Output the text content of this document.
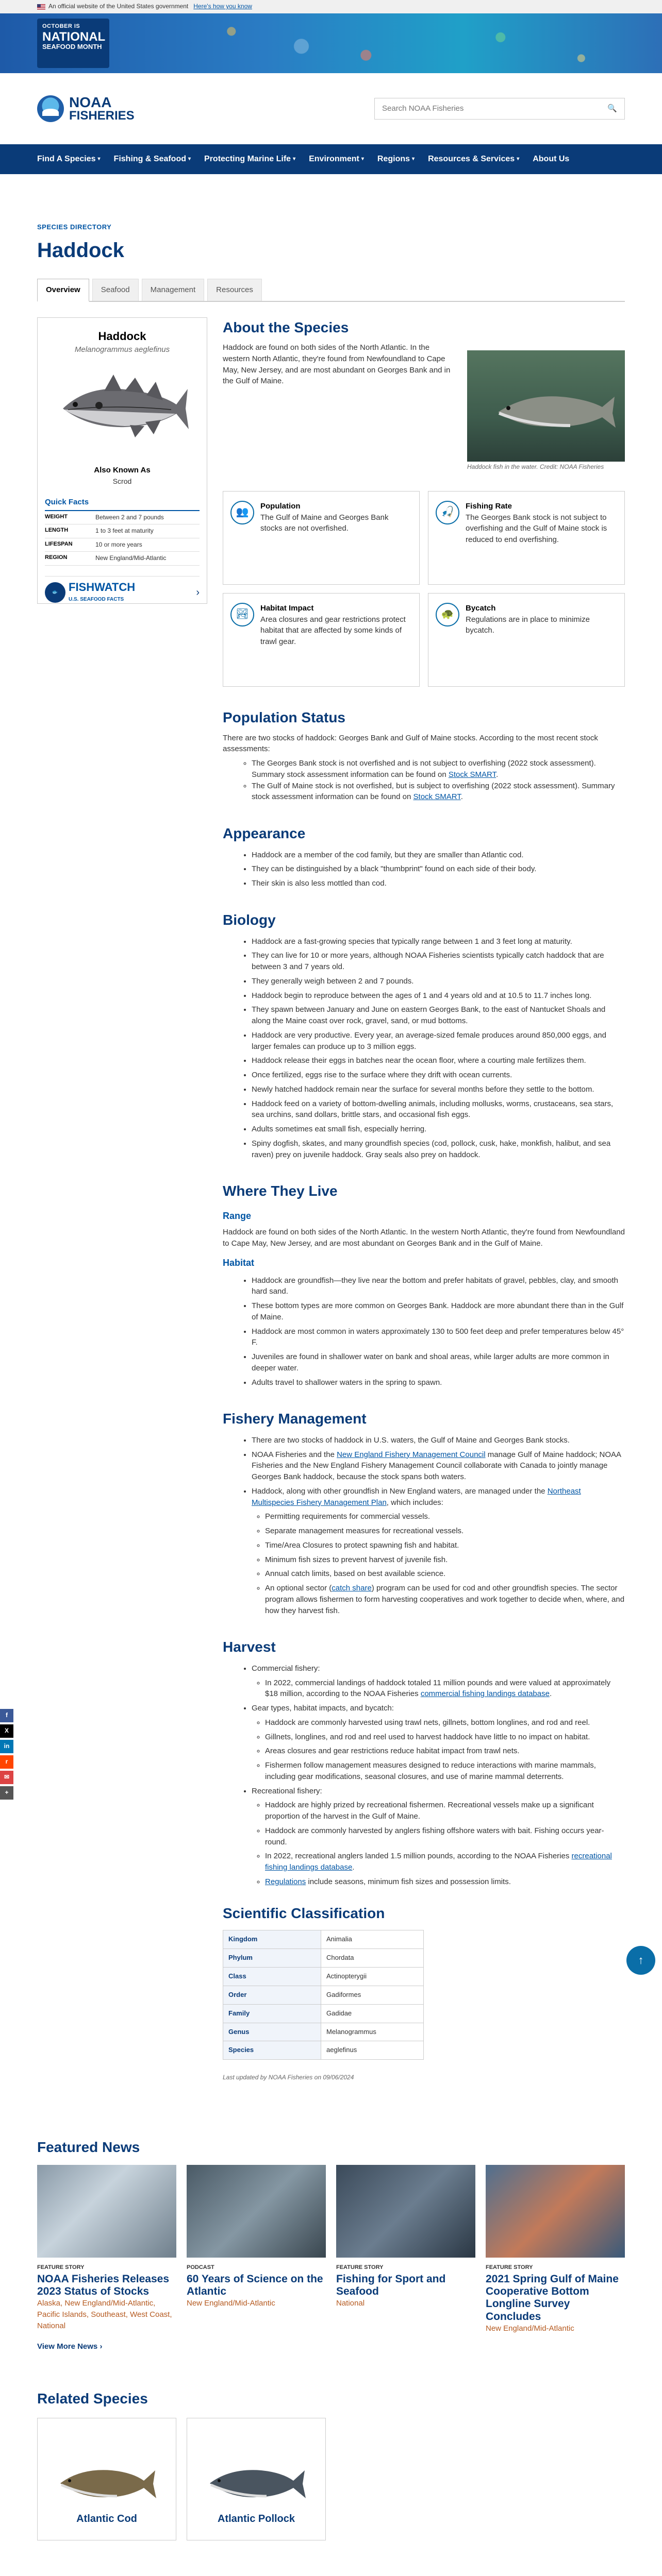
An official website of the United States government Here's how you know
OCTOBER IS
NATIONAL
SEAFOOD MONTH
NOAA
FISHERIES
Search NOAA Fisheries	🔍
Find A Species ▾ Fishing & Seafood ▾ Protecting Marine Life ▾ Environment ▾ Regions ▾ Resources & Services ▾ About Us
SPECIES DIRECTORY
Haddock
Overview	Seafood	Management	Resources
Haddock
Melanogrammus aeglefinus
Also Known As
Scrod
Quick Facts
WEIGHT	Between 2 and 7 pounds
LENGTH	1 to 3 feet at maturity
LIFESPAN	10 or more years
REGION	New England/Mid-Atlantic
🐟 FISHWATCH
U.S. SEAFOOD FACTS
›
About the Species

Haddock are found on both sides of the North Atlantic. In the western North Atlantic, they're found from Newfoundland to Cape May, New Jersey, and are most abundant on Georges Bank and in the Gulf of Maine.

Haddock fish in the water. Credit: NOAA Fisheries
👥
Population

The Gulf of Maine and Georges Bank stocks are not overfished.

🎣
Fishing Rate

The Georges Bank stock is not subject to overfishing and the Gulf of Maine stock is reduced to end overfishing.

🏞
Habitat Impact

Area closures and gear restrictions protect habitat that are affected by some kinds of trawl gear.

🐢
Bycatch

Regulations are in place to minimize bycatch.

Population Status

There are two stocks of haddock: Georges Bank and Gulf of Maine stocks. According to the most recent stock assessments:

◦ The Georges Bank stock is not overfished and is not subject to overfishing (2022 stock assessment). Summary stock assessment information can be found on Stock SMART.
◦ The Gulf of Maine stock is not overfished, but is subject to overfishing (2022 stock assessment). Summary stock assessment information can be found on Stock SMART.
Appearance
• Haddock are a member of the cod family, but they are smaller than Atlantic cod.
• They can be distinguished by a black "thumbprint" found on each side of their body.
• Their skin is also less mottled than cod.
Biology
• Haddock are a fast-growing species that typically range between 1 and 3 feet long at maturity.
• They can live for 10 or more years, although NOAA Fisheries scientists typically catch haddock that are between 3 and 7 years old.
• They generally weigh between 2 and 7 pounds.
• Haddock begin to reproduce between the ages of 1 and 4 years old and at 10.5 to 11.7 inches long.
• They spawn between January and June on eastern Georges Bank, to the east of Nantucket Shoals and along the Maine coast over rock, gravel, sand, or mud bottoms.
• Haddock are very productive. Every year, an average-sized female produces around 850,000 eggs, and larger females can produce up to 3 million eggs.
• Haddock release their eggs in batches near the ocean floor, where a courting male fertilizes them.
• Once fertilized, eggs rise to the surface where they drift with ocean currents.
• Newly hatched haddock remain near the surface for several months before they settle to the bottom.
• Haddock feed on a variety of bottom-dwelling animals, including mollusks, worms, crustaceans, sea stars, sea urchins, sand dollars, brittle stars, and occasional fish eggs.
• Adults sometimes eat small fish, especially herring.
• Spiny dogfish, skates, and many groundfish species (cod, pollock, cusk, hake, monkfish, halibut, and sea raven) prey on juvenile haddock. Gray seals also prey on haddock.
Where They Live
Range

Haddock are found on both sides of the North Atlantic. In the western North Atlantic, they're found from Newfoundland to Cape May, New Jersey, and are most abundant on Georges Bank and in the Gulf of Maine.

Habitat
• Haddock are groundfish—they live near the bottom and prefer habitats of gravel, pebbles, clay, and smooth hard sand.
• These bottom types are more common on Georges Bank. Haddock are more abundant there than in the Gulf of Maine.
• Haddock are most common in waters approximately 130 to 500 feet deep and prefer temperatures below 45° F.
• Juveniles are found in shallower water on bank and shoal areas, while larger adults are more common in deeper water.
• Adults travel to shallower waters in the spring to spawn.
Fishery Management
• There are two stocks of haddock in U.S. waters, the Gulf of Maine and Georges Bank stocks.
• NOAA Fisheries and the New England Fishery Management Council manage Gulf of Maine haddock; NOAA Fisheries and the New England Fishery Management Council collaborate with Canada to jointly manage Georges Bank haddock, because the stock spans both waters.
• Haddock, along with other groundfish in New England waters, are managed under the Northeast Multispecies Fishery Management Plan, which includes:
◦ Permitting requirements for commercial vessels.
◦ Separate management measures for recreational vessels.
◦ Time/Area Closures to protect spawning fish and habitat.
◦ Minimum fish sizes to prevent harvest of juvenile fish.
◦ Annual catch limits, based on best available science.
◦ An optional sector (catch share) program can be used for cod and other groundfish species. The sector program allows fishermen to form harvesting cooperatives and work together to decide when, where, and how they harvest fish.
Harvest
• Commercial fishery:
◦ In 2022, commercial landings of haddock totaled 11 million pounds and were valued at approximately $18 million, according to the NOAA Fisheries commercial fishing landings database.
• Gear types, habitat impacts, and bycatch:
◦ Haddock are commonly harvested using trawl nets, gillnets, bottom longlines, and rod and reel.
◦ Gillnets, longlines, and rod and reel used to harvest haddock have little to no impact on habitat.
◦ Areas closures and gear restrictions reduce habitat impact from trawl nets.
◦ Fishermen follow management measures designed to reduce interactions with marine mammals, including gear modifications, seasonal closures, and use of marine mammal deterrents.
• Recreational fishery:
◦ Haddock are highly prized by recreational fishermen. Recreational vessels make up a significant proportion of the harvest in the Gulf of Maine.
◦ Haddock are commonly harvested by anglers fishing offshore waters with bait. Fishing occurs year-round.
◦ In 2022, recreational anglers landed 1.5 million pounds, according to the NOAA Fisheries recreational fishing landings database.
◦ Regulations include seasons, minimum fish sizes and possession limits.
Scientific Classification
Kingdom	Animalia
Phylum	Chordata
Class	Actinopterygii
Order	Gadiformes
Family	Gadidae
Genus	Melanogrammus
Species	aeglefinus
Last updated by NOAA Fisheries on 09/06/2024
Featured News
FEATURE STORY
NOAA Fisheries Releases 2023 Status of Stocks
Alaska, New England/Mid-Atlantic, Pacific Islands, Southeast, West Coast, National
PODCAST
60 Years of Science on the Atlantic
New England/Mid-Atlantic
FEATURE STORY
Fishing for Sport and Seafood
National
FEATURE STORY
2021 Spring Gulf of Maine Cooperative Bottom Longline Survey Concludes
New England/Mid-Atlantic
View More News ›
Related Species
Atlantic Cod	Atlantic Pollock
f
X
in
r
✉
+
↑
